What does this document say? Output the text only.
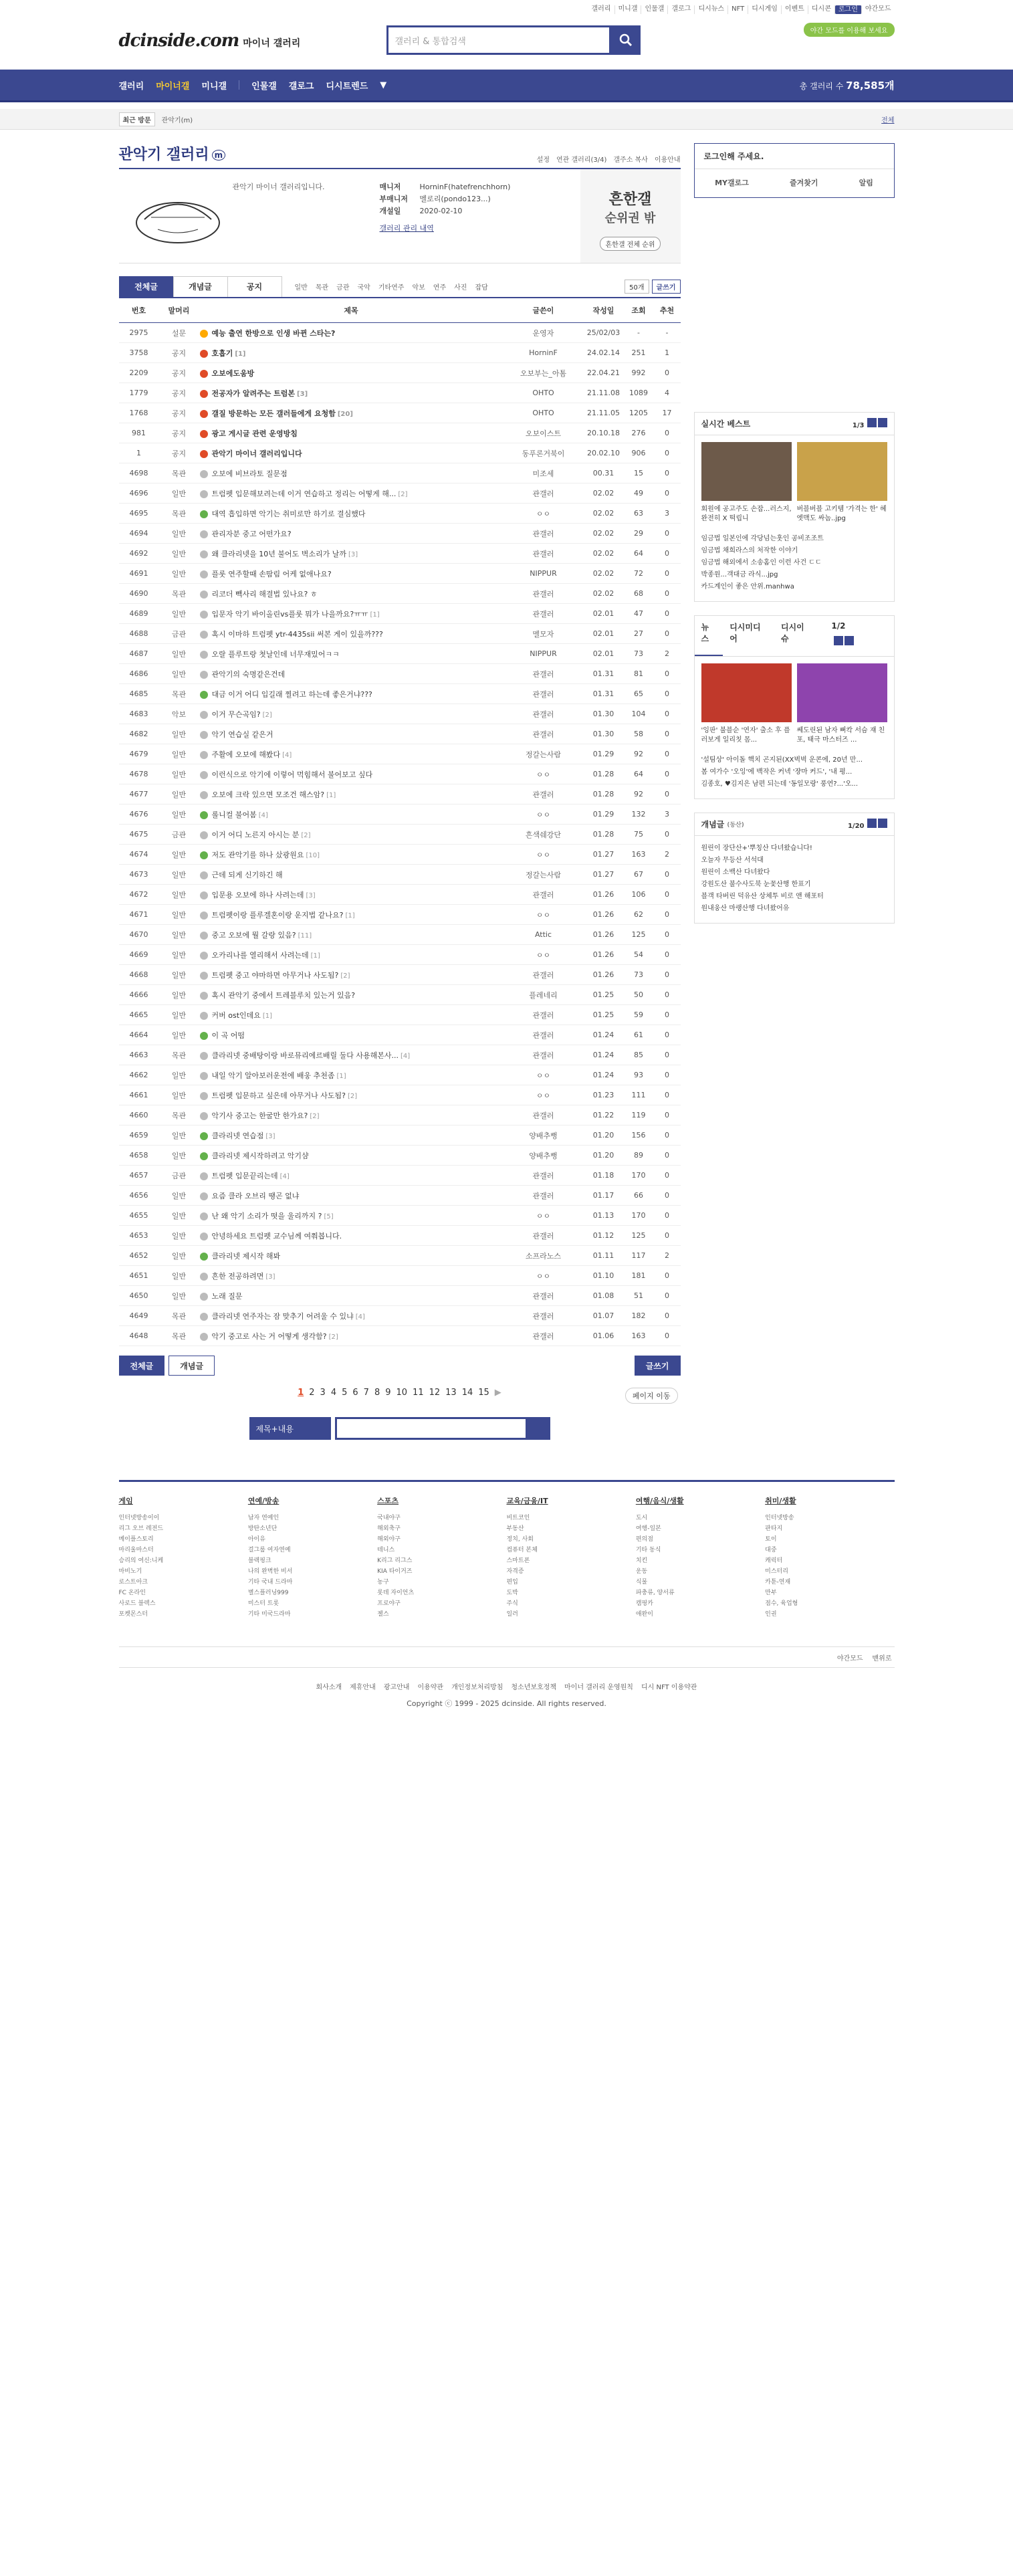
갤러리	미니갤	인물갤	갤로그	디시뉴스	NFT	디시게임	이벤트	디시콘	로그인	야간모드
dcinside.com 마이너 갤러리	갤러리 & 통합검색
야간 모드를 이용해 보세요
갤러리 마이너갤 미니갤	인물갤 갤로그 디시트렌드 ▼	총 갤러리 수 78,585개
최근 방문	관악기(m)	전체
관악기 갤러리 m
설정 연관 갤러리(3/4) 갤주소 복사 이용안내
관악기 마이너 갤러리입니다.	매니저	HorninF(hatefrenchhorn)
부매니저 멜로리(pondo123...)
개설일	2020-02-10
갤러리 관리 내역
흔한갤
순위권 밖
흔한갤 전체 순위
전체글	개념글	공지	일반 목관 금관 국악 기타연주 악보 연주 사진 잡담	50개	글쓰기
번호	말머리	제목	글쓴이	작성일	조회	추천
2975	설문	예능 출연 한방으로 인생 바뀐 스타는?	운영자	25/02/03	-	-
3758	공지	호흡기 [1]	HorninF	24.02.14	251	1
2209	공지	오보에도움방	오보부는_아톰	22.04.21	992	0
1779	공지	전공자가 알려주는 트럼본 [3]	OHTO	21.11.08	1089	4
1768	공지	갤질 방문하는 모든 갤러들에게 요청함 [20]	OHTO	21.11.05	1205	17
981	공지	광고 게시글 관련 운영방침	오보이스트	20.10.18	276	0
1	공지	관악기 마이너 갤러리입니다	동푸론거북이	20.02.10	906	0
4698	목관	오보에 비브라토 질문점	미조세	00.31	15	0
4696	일반	트럼펫 입문해보려는데 이거 연습하고 정리는 어떻게 해... [2]	관갤러	02.02	49	0
4695	목관	대역 흡입하면 악기는 취미로만 하기로 결심했다	ㅇㅇ	02.02	63	3
4694	일반	관리자분 중고 어떤가요?	관갤러	02.02	29	0
4692	일반	왜 클라리넷을 10년 불어도 벽소리가 날까 [3]	관갤러	02.02	64	0
4691	일반	플룻 연주할때 손땀림 어케 없애나요?	NIPPUR	02.02	72	0
4690	목관	리코더 빽사리 해결법 있나요? ㅎ	관갤러	02.02	68	0
4689	일반	입문자 악기 바이올린vs플룻 뭐가 나을까요?ㅠㅠ [1]	관갤러	02.01	47	0
4688	금관	혹시 이마하 트럼펫 ytr-4435sii 써본 게이 있을까???	멜모자	02.01	27	0
4687	일반	오랄 플루트랑 첫날인데 너무재밌어ㅋㅋ	NIPPUR	02.01	73	2
4686	일반	관악기의 숙명같은건데	관갤러	01.31	81	0
4685	목관	대금 이거 어디 입길래 찔려고 하는데 좋은거냐???	관갤러	01.31	65	0
4683	악보	이거 무슨곡임? [2]	관갤러	01.30	104	0
4682	일반	악기 연습실 같은거	관갤러	01.30	58	0
4679	일반	주활에 오보에 해봤다 [4]	정갈는사람	01.29	92	0
4678	일반	이런식으로 악기에 이렇어 먹힘해서 불어보고 싶다	ㅇㅇ	01.28	64	0
4677	일반	오보에 크락 있으면 모조건 해스암? [1]	관갤러	01.28	92	0
4676	일반	롤니컬 불어봄 [4]	ㅇㅇ	01.29	132	3
4675	금관	이거 어디 노른지 아시는 분 [2]	흔색쉐강단	01.28	75	0
4674	일반	저도 관악기를 하나 샀광원요 [10]	ㅇㅇ	01.27	163	2
4673	일반	근데 되게 신기하긴 해	정갈는사람	01.27	67	0
4672	일반	입문용 오보에 하나 사려는데 [3]	관갤러	01.26	106	0
4671	일반	트럼펫이랑 플루겔혼이랑 운지법 같나요? [1]	ㅇㅇ	01.26	62	0
4670	일반	중고 오보에 뭘 갈랑 있음? [11]	Attic	01.26	125	0
4669	일반	오카리나를 열리해서 사려는데 [1]	ㅇㅇ	01.26	54	0
4668	일반	트럼펫 중고 야마하면 아무거나 사도됨? [2]	관갤러	01.26	73	0
4666	일반	혹시 관악기 중에서 트레블루치 있는거 있음?	플레네리	01.25	50	0
4665	일반	커버 ost인데요 [1]	관갤러	01.25	59	0
4664	일반	이 곡 어떰	관갤러	01.24	61	0
4663	목관	클라리넷 중배탕이랑 바로뮤리에르배릴 둘다 사용해본사... [4]	관갤러	01.24	85	0
4662	일반	내일 악기 알아보러운전에 배웅 추천좀 [1]	ㅇㅇ	01.24	93	0
4661	일반	트럼펫 입문하고 싶은데 아무거나 사도됨? [2]	ㅇㅇ	01.23	111	0
4660	목관	악기사 중고는 한굴만 한가요? [2]	관갤러	01.22	119	0
4659	일반	클라리넷 연습점 [3]	양배추뻥	01.20	156	0
4658	일반	클라리넷 제시작하려고 악기샴	양배추뻥	01.20	89	0
4657	금관	트럼펫 입문끝리는데 [4]	관갤러	01.18	170	0
4656	일반	요즘 클라 오브리 땡곤 없냐	관갤러	01.17	66	0
4655	일반	난 왜 악기 소리가 떳을 울리까지 ? [5]	ㅇㅇ	01.13	170	0
4653	일반	안녕하세요 트럼펫 교수님께 여쭤봅니다.	관갤러	01.12	125	0
4652	일반	클라리넷 제시작 해봐	소프라노스	01.11	117	2
4651	일반	흔한 전공하려면 [3]	ㅇㅇ	01.10	181	0
4650	일반	노래 질문	관갤러	01.08	51	0
4649	목관	클라리넷 연주자는 잠 맞추기 어려울 수 있냐 [4]	관갤러	01.07	182	0
4648	목관	악기 중고로 사는 거 어떻게 생각함? [2]	관갤러	01.06	163	0
전체글	개념글	글쓰기
1 2 3 4 5 6 7 8 9 10 11 12 13 14 15 ▶	페이지 이동
제목+내용
로그인해 주세요.
MY갤로그	즐겨찾기	알림
실시간 베스트	1/3
회원에 공고주도 손잡...러스지, 완전히 X 떡립니
버블버블 고키템 '가격는 한' 혜엣맥도 싸놈..jpg
임금법 일본인에 각당넘는훗인 공비조조트
임금법 채희라스의 처작한 이야기
임금법 해외에서 소송홈인 이런 사건 ㄷㄷ
박종원...객대금 라식...jpg
카드계인이 좋은 안위.manhwa
뉴스
디시미디어
디시이슈
1/2
'잉판' 불블순 '연자' 출소 후 플러보게 일리칫 몸...
쎄도린된 남자 뻐칵 서슴 쟤 친포, 태극 마스터즈 ...
'설팀상' 아이돌 핵치 곤지된(XX벅벅 운콘에, 20년 만...
봄 여가수 '오잉'에 백작은 커넥 '쟝마 커드', '내 평...
김종호, ♥김지은 남편 되는데 '동일모랑' 풍연?...'오...
개념글 (동산)	1/20
원린이 장단산+'뿌칭산 다녀왔습니다!
오늘자 무등산 서석대
원린이 소백산 다녀왔다
강원도산 불수사도북 눈꽃산행 한표기
블객 타버린 덕유산 상체투 비로 앤 해포터
원내웅산 마랭산행 다녀왔어유
게임
인터넷방송이이
리그 오브 레전드
메이플스토리
마리울마스터
승리의 여신:니케
마비노기
로스트아크
FC 온라인
사로드 블렉스
포켓몬스터
연예/방송
남자 연예인
방탄소년단
아이유
걸그룹 여자연예
블랙핑크
나의 완벽한 비서
기타 국내 드라마
별스플러닝999
미스터 트롯
기타 미국드라마
스포츠
국내야구
해외축구
해외야구
테니스
K리그 리그스
KIA 타이거즈
농구
롯데 자이언츠
프로야구
젤스
교육/금융/IT
비트코인
부동산
정치, 사회
컴퓨터 본체
스마트폰
자격증
편입
도박
주식
일러
여행/음식/생활
도시
여행-일본
편의점
기타 동식
치킨
운동
식물
파충류, 양서류
캠핑카
애완이
취미/생활
인터넷방송
판타지
토이
대중
캐릭터
미스터리
카툰-연재
만부
점수, 육업형
인권
야간모드 맨위로
회사소개 제휴안내 광고안내 이용약관 개인정보처리방침 청소년보호정책 마이너 갤러리 운영원칙 디시 NFT 이용약관
Copyright ⓒ 1999 - 2025 dcinside. All rights reserved.
